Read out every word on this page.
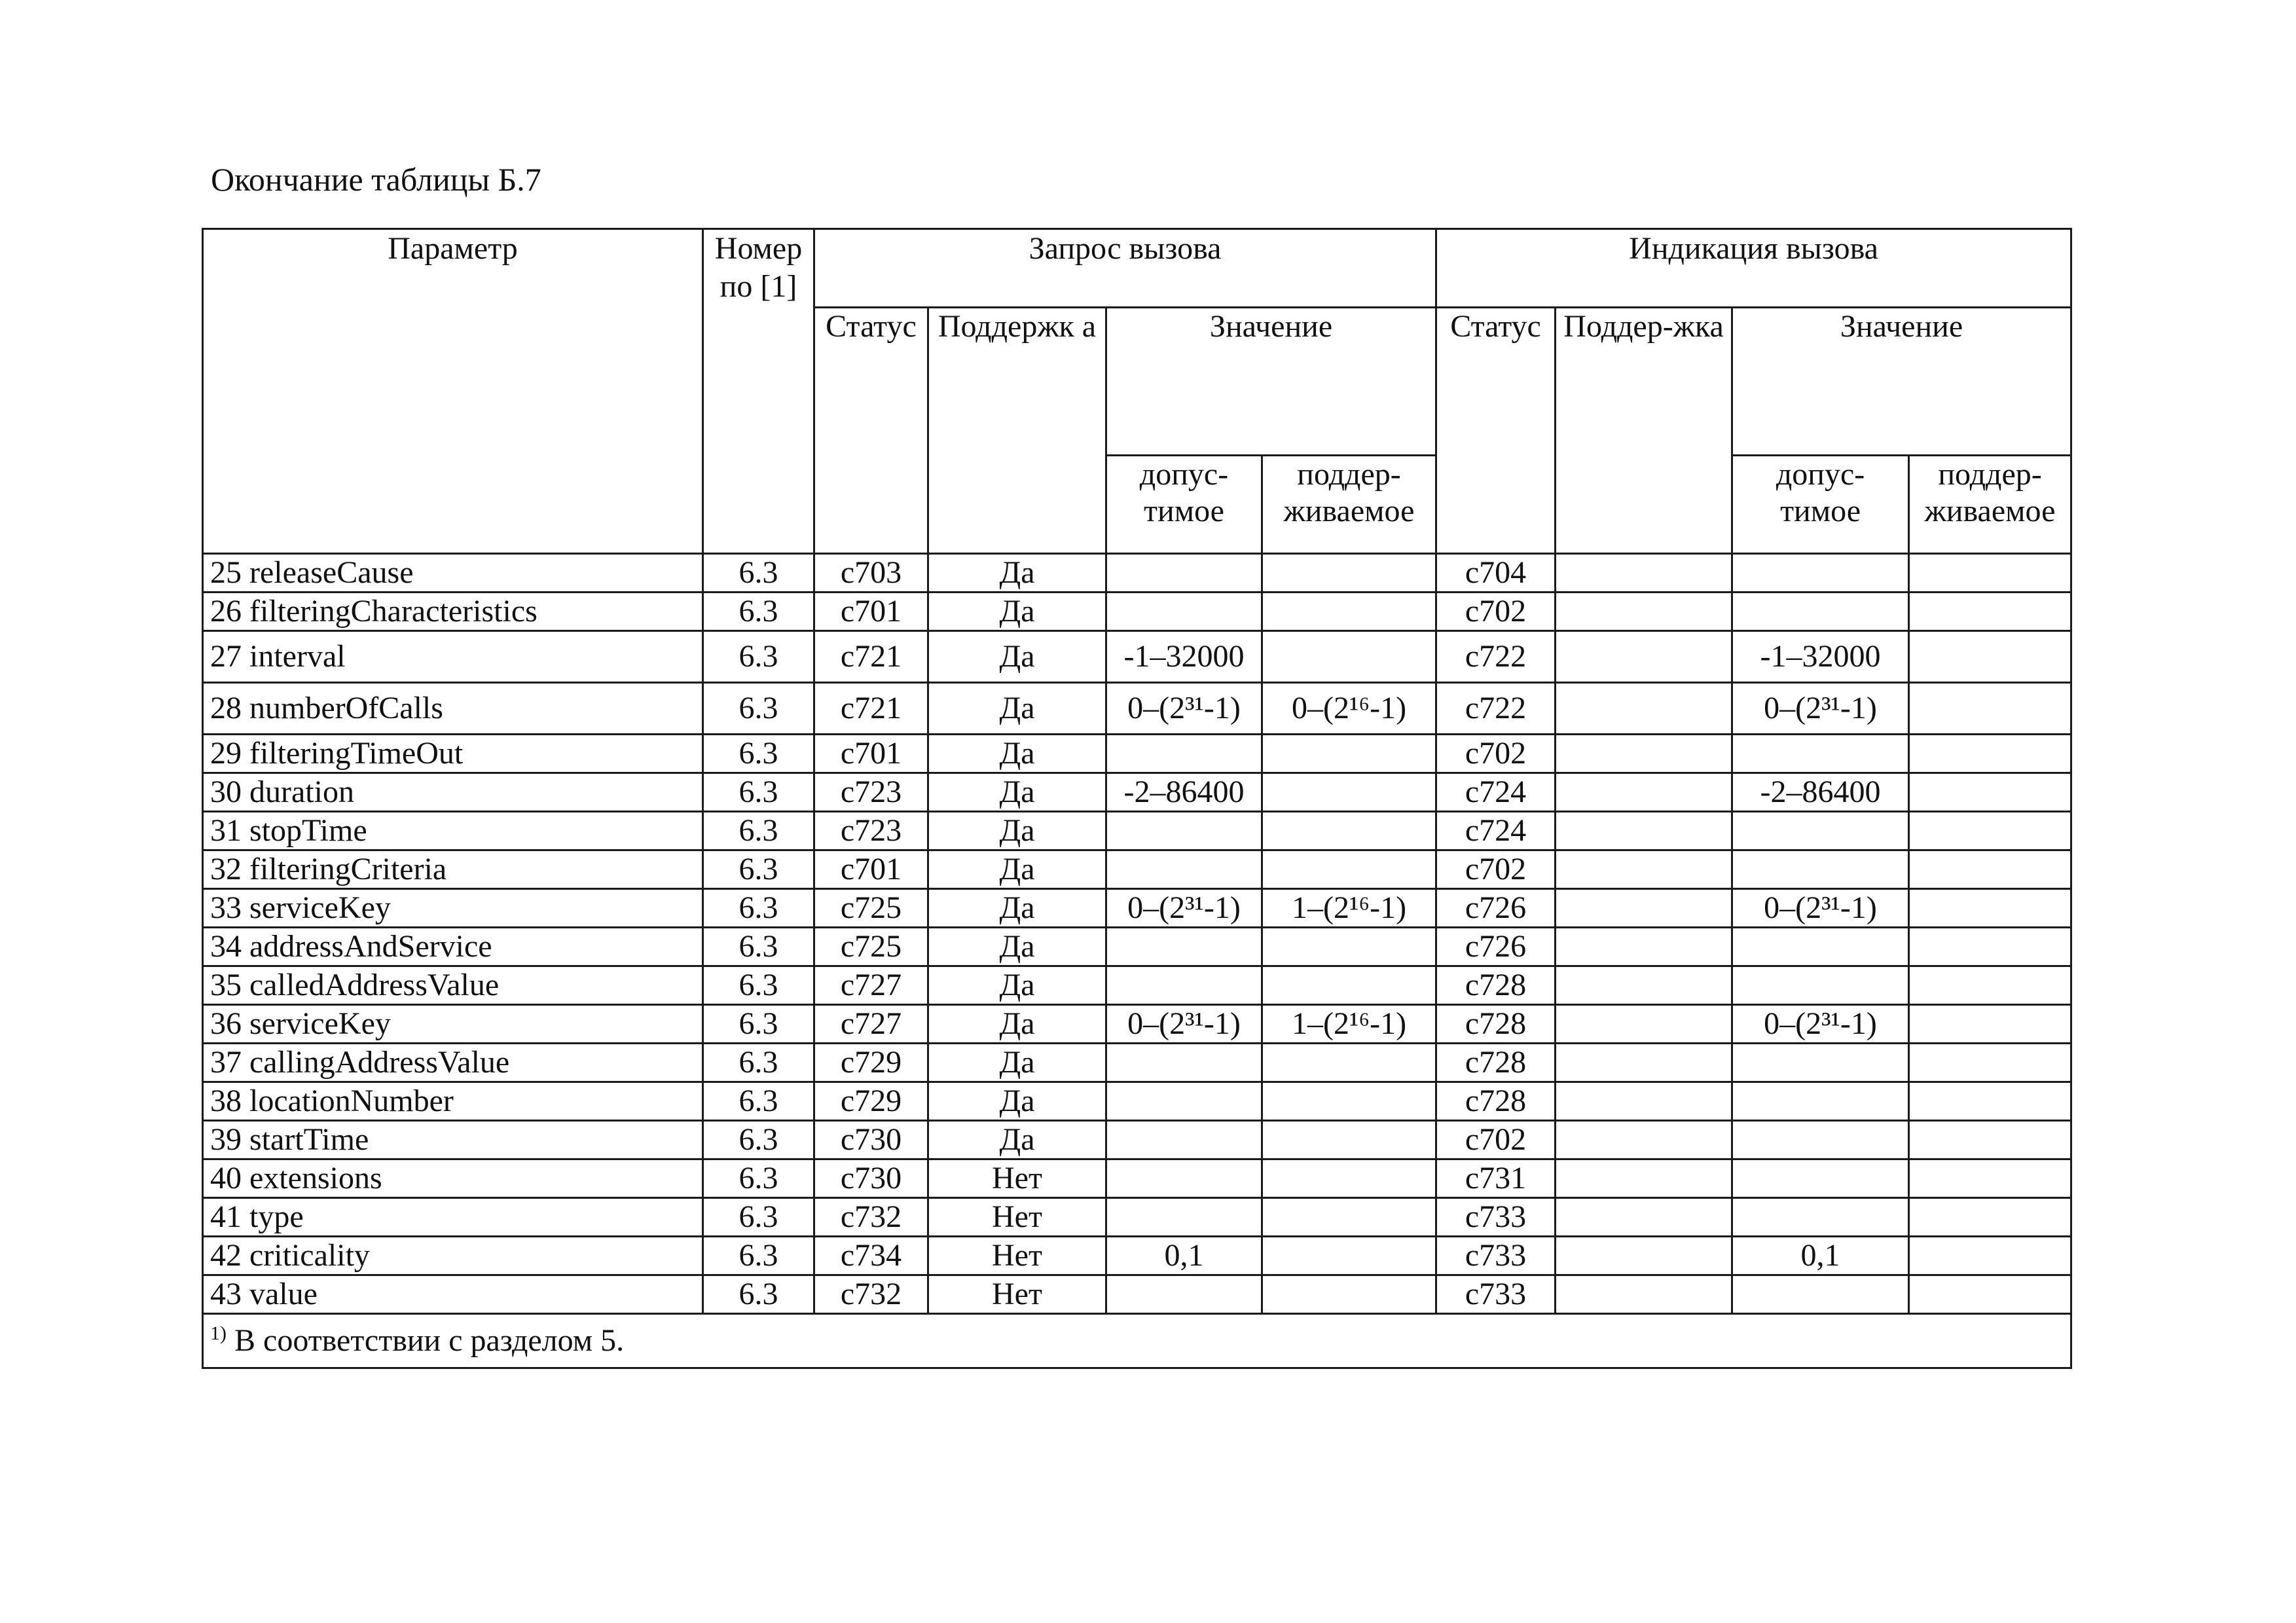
Окончание таблицы Б.7
Параметр	Номер по [1]	Запрос вызова				Индикация вызова			
		Статус	Поддержк а	Значение		Статус	Поддер-жка	Значение	
				допус-тимое	поддер-живаемое			допус-тимое	поддер-живаемое
25 releaseCause	6.3	c703	Да			c704			
26 filteringCharacteristics	6.3	c701	Да			c702			
27 interval	6.3	c721	Да	-1–32000		c722		-1–32000	
28 numberOfCalls	6.3	c721	Да	0–(2³¹-1)	0–(2¹⁶-1)	c722		0–(2³¹-1)	
29 filteringTimeOut	6.3	c701	Да			c702			
30 duration	6.3	c723	Да	-2–86400		c724		-2–86400	
31 stopTime	6.3	c723	Да			c724			
32 filteringCriteria	6.3	c701	Да			c702			
33 serviceKey	6.3	c725	Да	0–(2³¹-1)	1–(2¹⁶-1)	c726		0–(2³¹-1)	
34 addressAndService	6.3	c725	Да			c726			
35 calledAddressValue	6.3	c727	Да			c728			
36 serviceKey	6.3	c727	Да	0–(2³¹-1)	1–(2¹⁶-1)	c728		0–(2³¹-1)	
37 callingAddressValue	6.3	c729	Да			c728			
38 locationNumber	6.3	c729	Да			c728			
39 startTime	6.3	c730	Да			c702			
40 extensions	6.3	c730	Нет			c731			
41 type	6.3	c732	Нет			c733			
42 criticality	6.3	c734	Нет	0,1		c733		0,1	
43 value	6.3	c732	Нет			c733			
$^{1)}$ В соответствии с разделом 5.									
